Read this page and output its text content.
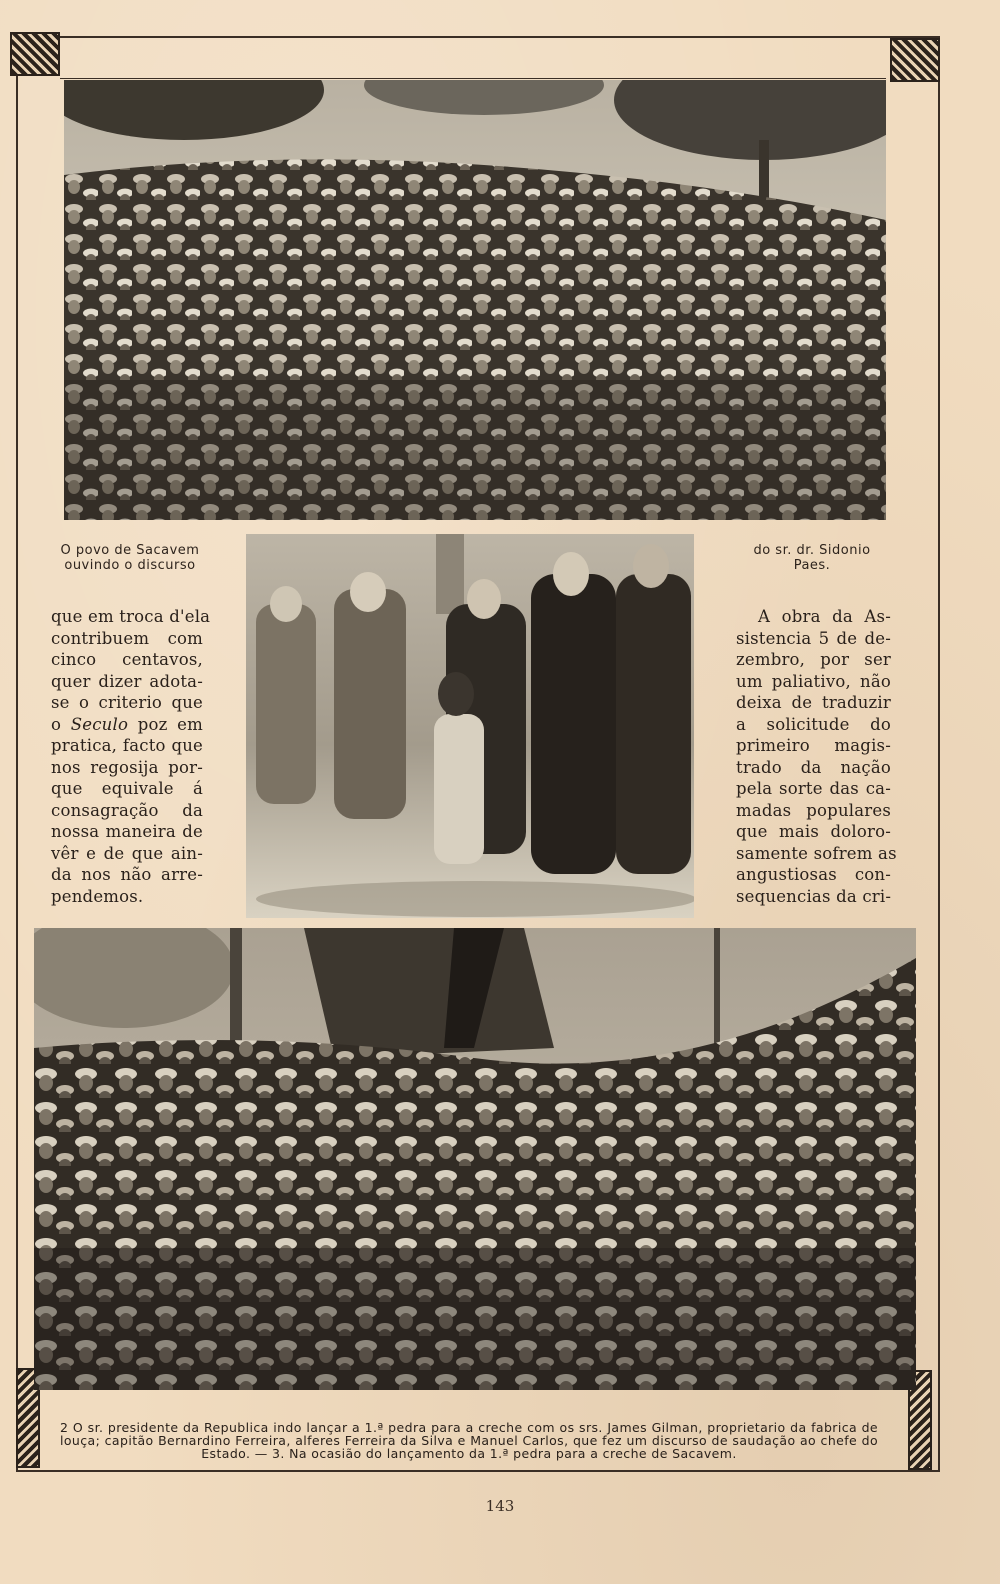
O povo de Sacavem
ouvindo o discurso
do sr. dr. Sidonio
Paes.
que em troca d'ela
contribuem com
cinco centavos,
quer dizer adota-
se o criterio que
o Seculo poz em
pratica, facto que
nos regosija por-
que equivale á
consagração da
nossa maneira de
vêr e de que ain-
da nos não arre-
pendemos.
A obra da As-
sistencia 5 de de-
zembro, por ser
um paliativo, não
deixa de traduzir
a solicitude do
primeiro magis-
trado da nação
pela sorte das ca-
madas populares
que mais doloro-
samente sofrem as
angustiosas con-
sequencias da cri-
2 O sr. presidente da Republica indo lançar a 1.ª pedra para a creche com os srs. James Gilman, proprietario da fabrica de louça; capitão Bernardino Ferreira, alferes Ferreira da Silva e Manuel Carlos, que fez um discurso de saudação ao chefe do Estado. — 3. Na ocasião do lançamento da 1.ª pedra para a creche de Sacavem.
143
